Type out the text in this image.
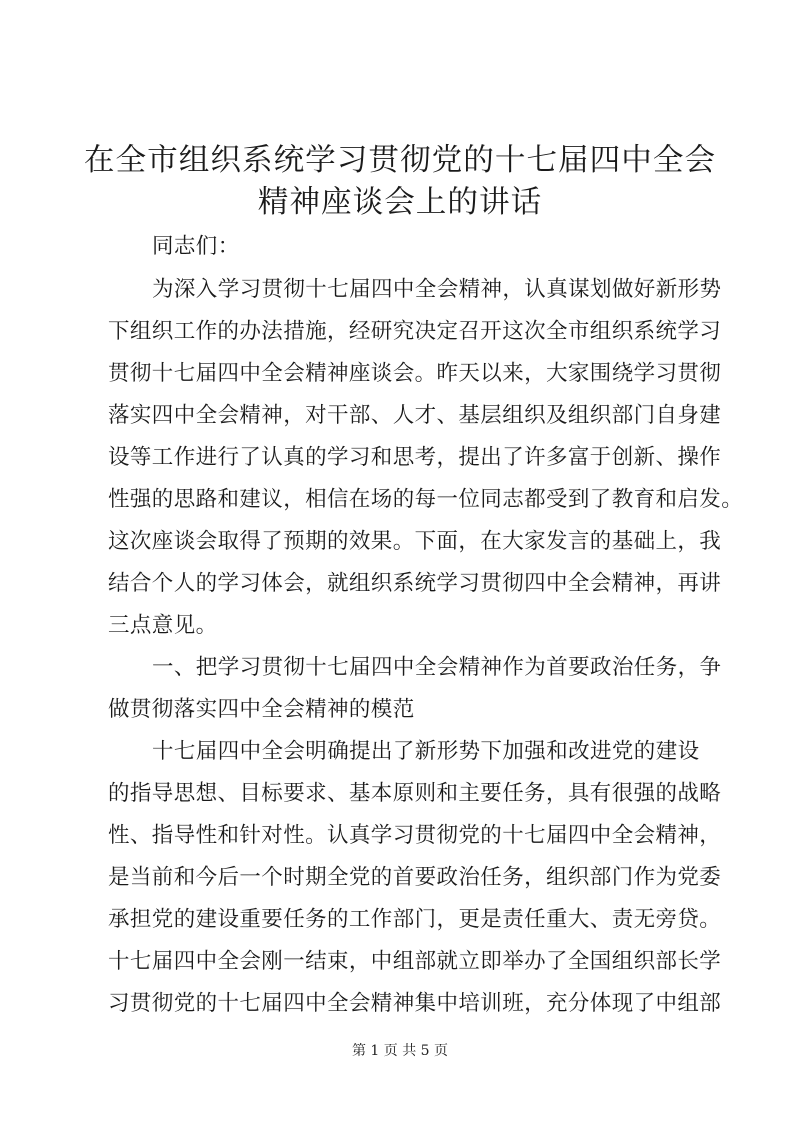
在全市组织系统学习贯彻党的十七届四中全会
精神座谈会上的讲话
同志们：
为深入学习贯彻十七届四中全会精神，认真谋划做好新形势
下组织工作的办法措施，经研究决定召开这次全市组织系统学习
贯彻十七届四中全会精神座谈会。昨天以来，大家围绕学习贯彻
落实四中全会精神，对干部、人才、基层组织及组织部门自身建
设等工作进行了认真的学习和思考，提出了许多富于创新、操作
性强的思路和建议，相信在场的每一位同志都受到了教育和启发。
这次座谈会取得了预期的效果。下面，在大家发言的基础上，我
结合个人的学习体会，就组织系统学习贯彻四中全会精神，再讲
三点意见。
一、把学习贯彻十七届四中全会精神作为首要政治任务，争
做贯彻落实四中全会精神的模范
十七届四中全会明确提出了新形势下加强和改进党的建设
的指导思想、目标要求、基本原则和主要任务，具有很强的战略
性、指导性和针对性。认真学习贯彻党的十七届四中全会精神，
是当前和今后一个时期全党的首要政治任务，组织部门作为党委
承担党的建设重要任务的工作部门，更是责任重大、责无旁贷。
十七届四中全会刚一结束，中组部就立即举办了全国组织部长学
习贯彻党的十七届四中全会精神集中培训班，充分体现了中组部
第 1 页 共 5 页
